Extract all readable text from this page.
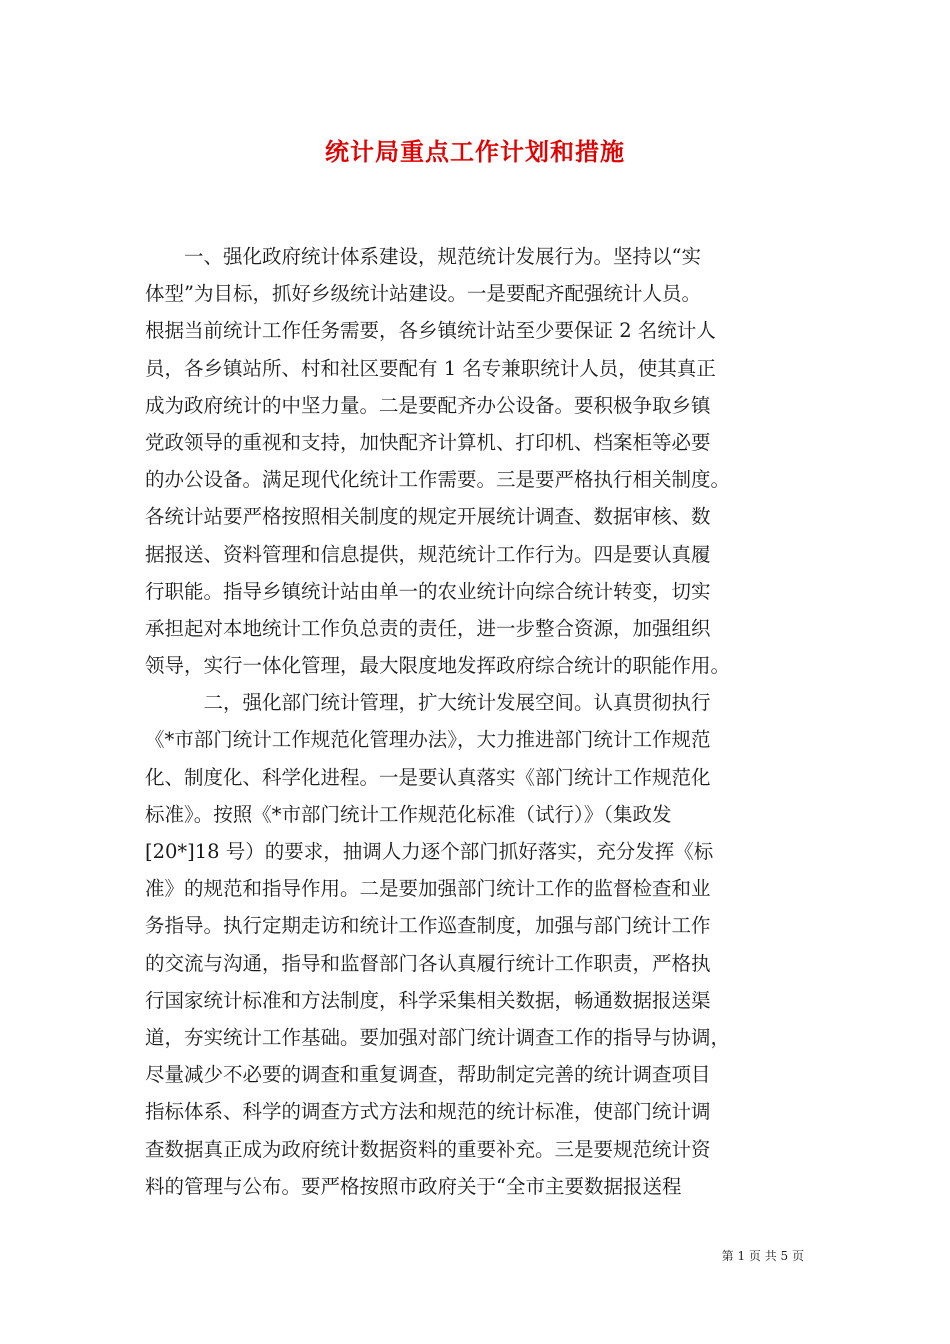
统计局重点工作计划和措施
　　一、强化政府统计体系建设，规范统计发展行为。坚持以“实
体型”为目标，抓好乡级统计站建设。一是要配齐配强统计人员。
根据当前统计工作任务需要，各乡镇统计站至少要保证 2 名统计人
员，各乡镇站所、村和社区要配有 1 名专兼职统计人员，使其真正
成为政府统计的中坚力量。二是要配齐办公设备。要积极争取乡镇
党政领导的重视和支持，加快配齐计算机、打印机、档案柜等必要
的办公设备。满足现代化统计工作需要。三是要严格执行相关制度。
各统计站要严格按照相关制度的规定开展统计调查、数据审核、数
据报送、资料管理和信息提供，规范统计工作行为。四是要认真履
行职能。指导乡镇统计站由单一的农业统计向综合统计转变，切实
承担起对本地统计工作负总责的责任，进一步整合资源，加强组织
领导，实行一体化管理，最大限度地发挥政府综合统计的职能作用。
　　　二，强化部门统计管理，扩大统计发展空间。认真贯彻执行
《*市部门统计工作规范化管理办法》，大力推进部门统计工作规范
化、制度化、科学化进程。一是要认真落实《部门统计工作规范化
标准》。按照《*市部门统计工作规范化标准（试行）》（集政发
[20*]18 号）的要求，抽调人力逐个部门抓好落实，充分发挥《标
准》的规范和指导作用。二是要加强部门统计工作的监督检查和业
务指导。执行定期走访和统计工作巡查制度，加强与部门统计工作
的交流与沟通，指导和监督部门各认真履行统计工作职责，严格执
行国家统计标准和方法制度，科学采集相关数据，畅通数据报送渠
道，夯实统计工作基础。要加强对部门统计调查工作的指导与协调，
尽量减少不必要的调查和重复调查，帮助制定完善的统计调查项目
指标体系、科学的调查方式方法和规范的统计标准，使部门统计调
查数据真正成为政府统计数据资料的重要补充。三是要规范统计资
料的管理与公布。要严格按照市政府关于“全市主要数据报送程
第 1 页 共 5 页
